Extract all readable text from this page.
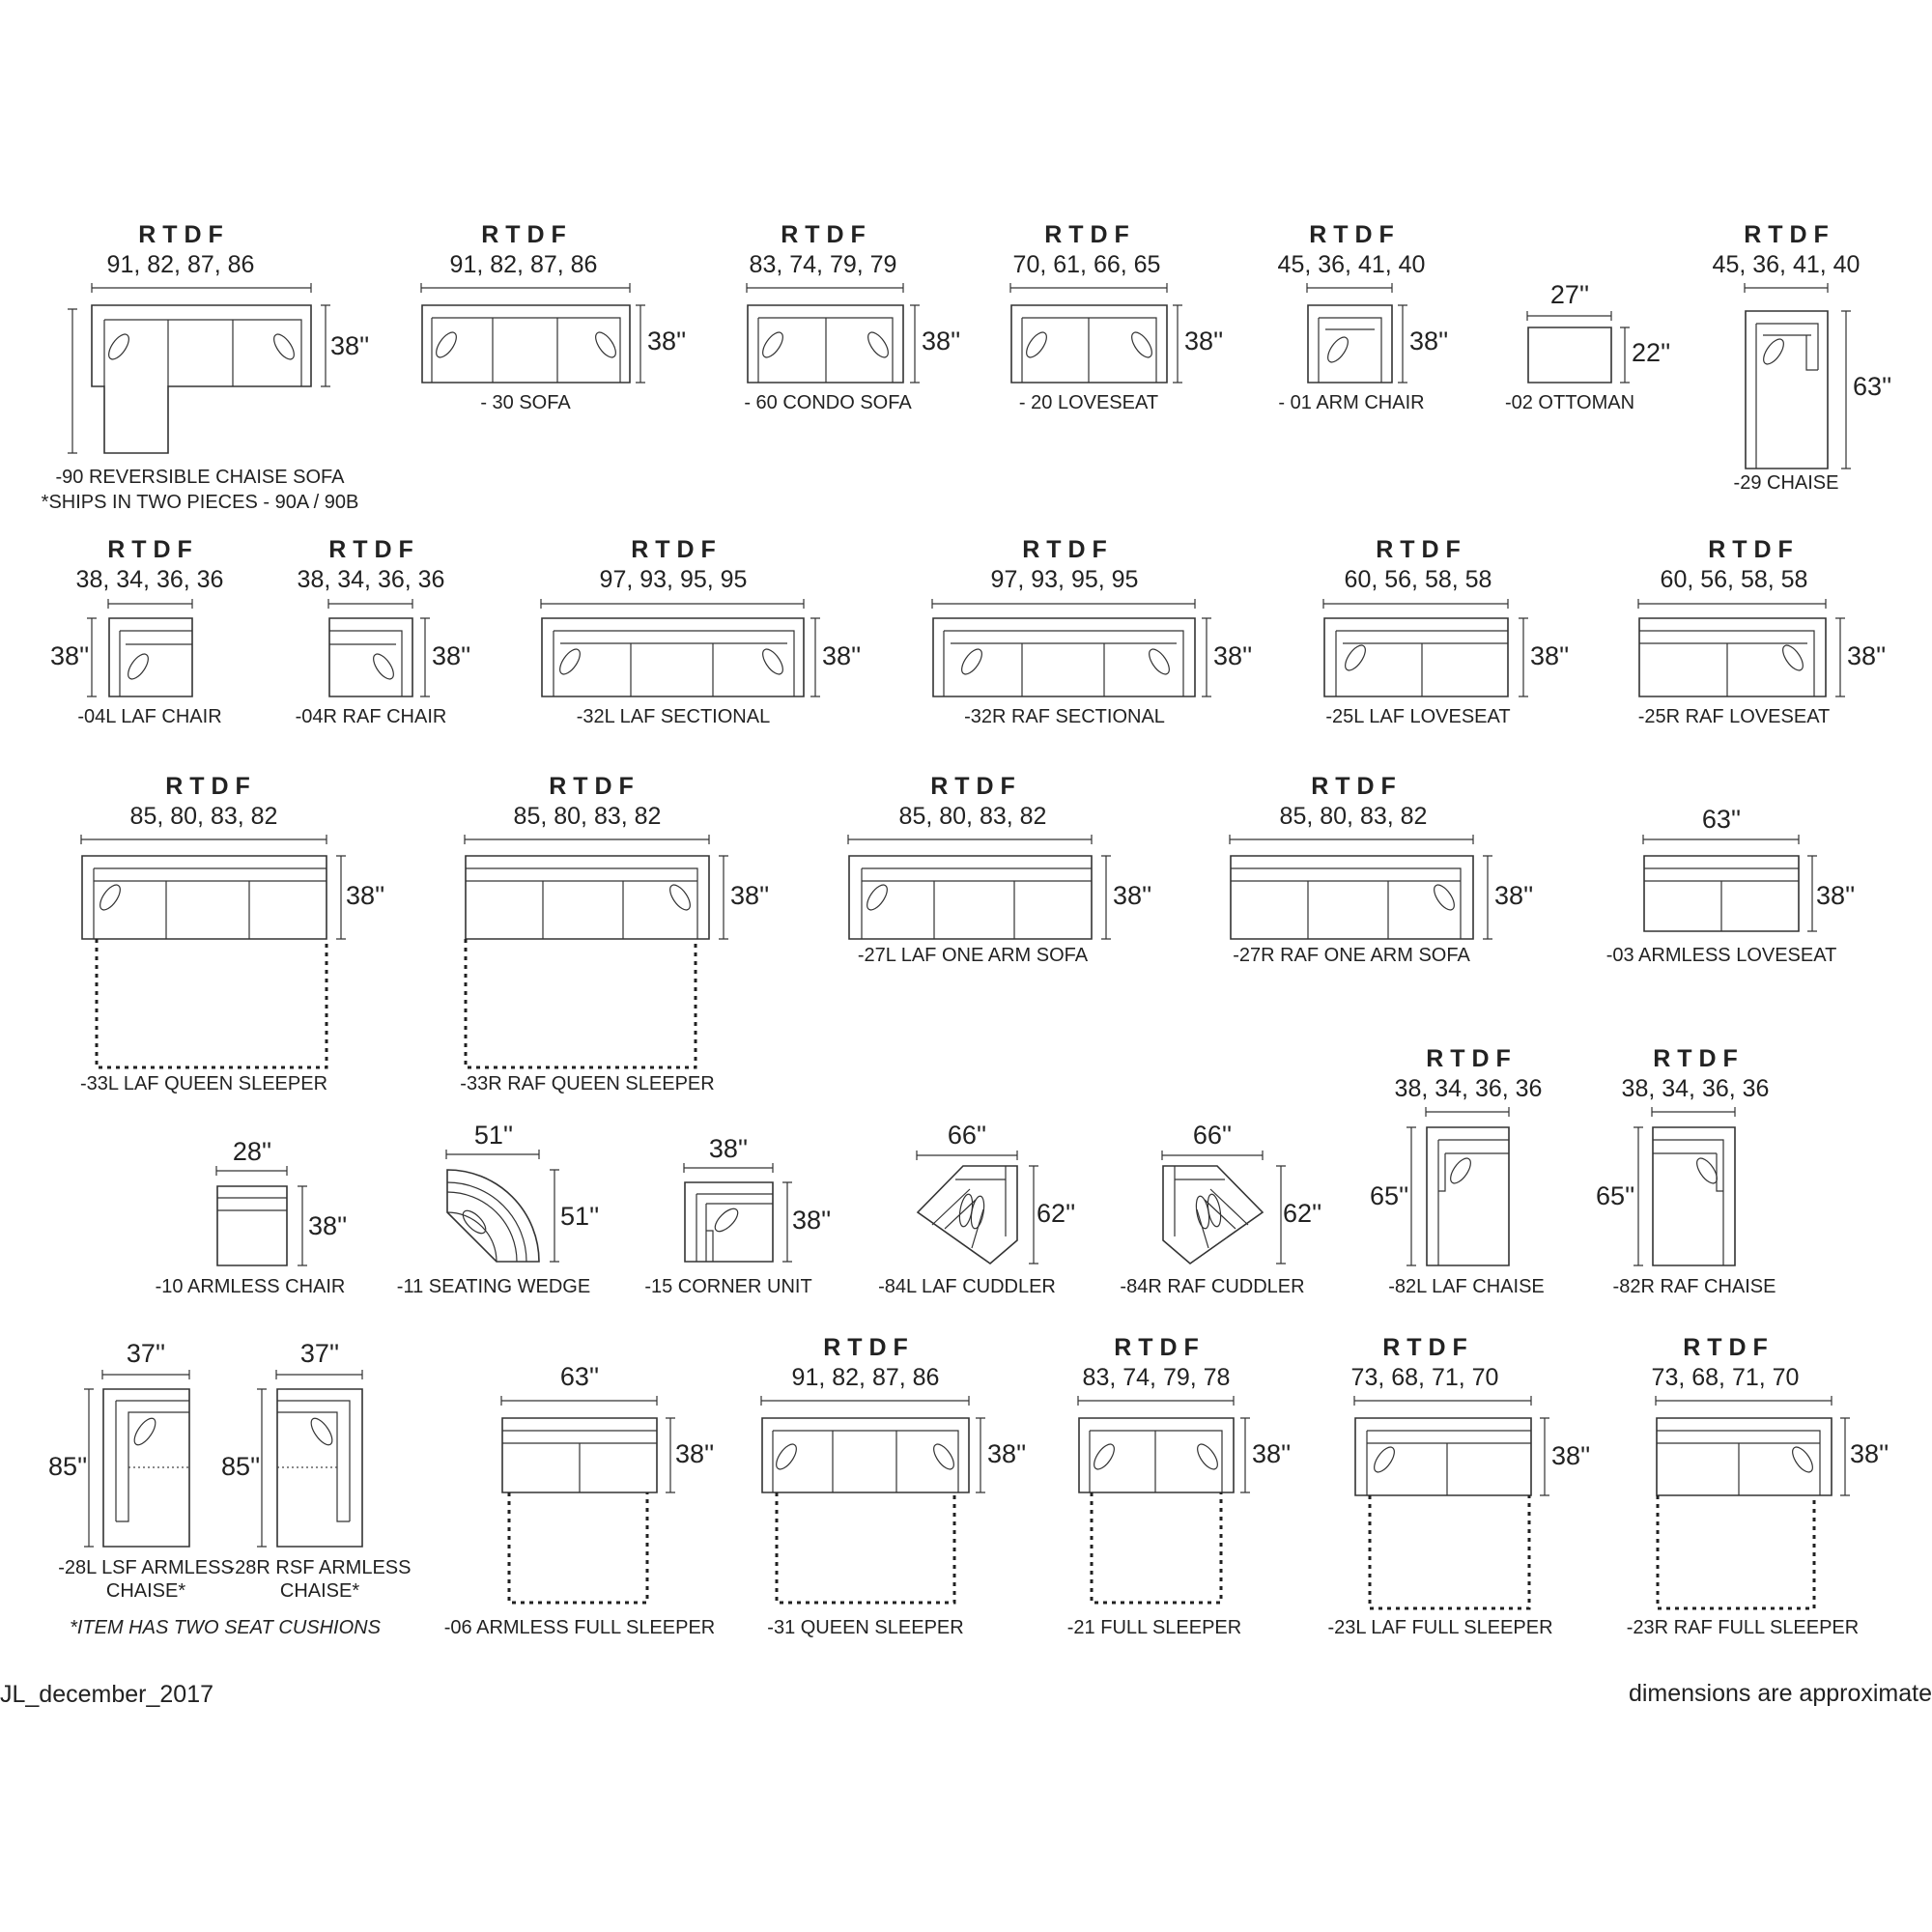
R T D F
91, 82, 87, 86
38''
-90 REVERSIBLE CHAISE SOFA
*SHIPS IN TWO PIECES - 90A / 90B
R T D F
91, 82, 87, 86
38''
- 30 SOFA
R T D F
83, 74, 79, 79
38''
- 60 CONDO SOFA
R T D F
70, 61, 66, 65
38''
- 20 LOVESEAT
R T D F
45, 36, 41, 40
38''
- 01 ARM CHAIR
27''
22''
-02 OTTOMAN
R T D F
45, 36, 41, 40
63''
-29 CHAISE
R T D F
38, 34, 36, 36
38''
-04L LAF CHAIR
R T D F
38, 34, 36, 36
38''
-04R RAF CHAIR
R T D F
97, 93, 95, 95
38''
-32L LAF SECTIONAL
R T D F
97, 93, 95, 95
38''
-32R RAF SECTIONAL
R T D F
60, 56, 58, 58
38''
-25L LAF LOVESEAT
R T D F
60, 56, 58, 58
38''
-25R RAF LOVESEAT
R T D F
85, 80, 83, 82
38''
-33L LAF QUEEN SLEEPER
R T D F
85, 80, 83, 82
38''
-33R RAF QUEEN SLEEPER
R T D F
85, 80, 83, 82
38''
-27L LAF ONE ARM SOFA
R T D F
85, 80, 83, 82
38''
-27R RAF ONE ARM SOFA
63''
38''
-03 ARMLESS LOVESEAT
R T D F
38, 34, 36, 36
65''
-82L LAF CHAISE
R T D F
38, 34, 36, 36
65''
-82R RAF CHAISE
28''
38''
-10 ARMLESS CHAIR
51''
51''
-11 SEATING WEDGE
38''
38''
-15 CORNER UNIT
66''
62''
-84L LAF CUDDLER
66''
62''
-84R RAF CUDDLER
37''
85''
-28L LSF ARMLESS
CHAISE*
37''
85''
-28R RSF ARMLESS
CHAISE*
*ITEM HAS TWO SEAT CUSHIONS
63''
38''
-06 ARMLESS FULL SLEEPER
R T D F
91, 82, 87, 86
38''
-31 QUEEN SLEEPER
R T D F
83, 74, 79, 78
38''
-21 FULL SLEEPER
R T D F
73, 68, 71, 70
38''
-23L LAF FULL SLEEPER
R T D F
73, 68, 71, 70
38''
-23R RAF FULL SLEEPER
JL_december_2017	dimensions are approximate
